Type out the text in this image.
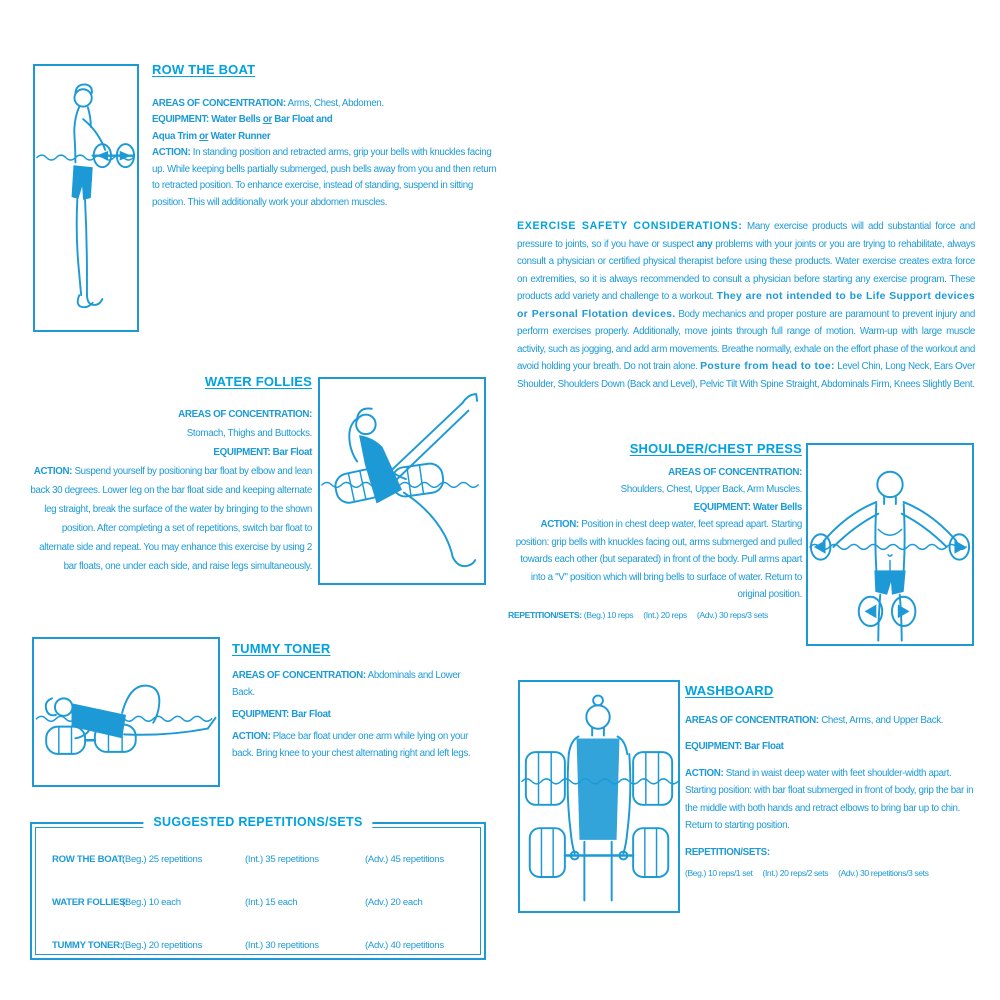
ROW THE BOAT

AREAS OF CONCENTRATION: Arms, Chest, Abdomen.

EQUIPMENT: Water Bells or Bar Float and

Aqua Trim or Water Runner

ACTION: In standing position and retracted arms, grip your bells with knuckles facing up. While keeping bells partially submerged, push bells away from you and then return to retracted position. To enhance exercise, instead of standing, suspend in sitting position. This will additionally work your abdomen muscles.

EXERCISE SAFETY CONSIDERATIONS: Many exercise products will add substantial force and pressure to joints, so if you have or suspect any problems with your joints or you are trying to rehabilitate, always consult a physician or certified physical therapist before using these products. Water exercise creates extra force on extremities, so it is always recommended to consult a physician before starting any exercise program. These products add variety and challenge to a workout. They are not intended to be Life Support devices or Personal Flotation devices. Body mechanics and proper posture are paramount to prevent injury and perform exercises properly. Additionally, move joints through full range of motion. Warm-up with large muscle activity, such as jogging, and add arm movements. Breathe normally, exhale on the effort phase of the workout and avoid holding your breath. Do not train alone. Posture from head to toe: Level Chin, Long Neck, Ears Over Shoulder, Shoulders Down (Back and Level), Pelvic Tilt With Spine Straight, Abdominals Firm, Knees Slightly Bent.
WATER FOLLIES

AREAS OF CONCENTRATION:

Stomach, Thighs and Buttocks.

EQUIPMENT: Bar Float

ACTION: Suspend yourself by positioning bar float by elbow and lean back 30 degrees. Lower leg on the bar float side and keeping alternate leg straight, break the surface of the water by bringing to the shown position. After completing a set of repetitions, switch bar float to alternate side and repeat. You may enhance this exercise by using 2 bar floats, one under each side, and raise legs simultaneously.

SHOULDER/CHEST PRESS

AREAS OF CONCENTRATION:

Shoulders, Chest, Upper Back, Arm Muscles.

EQUIPMENT: Water Bells

ACTION: Position in chest deep water, feet spread apart. Starting position: grip bells with knuckles facing out, arms submerged and pulled towards each other (but separated) in front of the body. Pull arms apart into a "V" position which will bring bells to surface of water. Return to original position.

REPETITION/SETS: (Beg.) 10 reps (Int.) 20 reps (Adv.) 30 reps/3 sets

TUMMY TONER

AREAS OF CONCENTRATION: Abdominals and Lower Back.

EQUIPMENT: Bar Float

ACTION: Place bar float under one arm while lying on your back. Bring knee to your chest alternating right and left legs.

SUGGESTED REPETITIONS/SETS
ROW THE BOAT:
(Beg.) 25 repetitions	(Int.) 35 repetitions	(Adv.) 45 repetitions
WATER FOLLIES:
(Beg.) 10 each	(Int.) 15 each	(Adv.) 20 each
TUMMY TONER: (Beg.) 20 repetitions	(Int.) 30 repetitions	(Adv.) 40 repetitions
WASHBOARD

AREAS OF CONCENTRATION: Chest, Arms, and Upper Back.

EQUIPMENT: Bar Float

ACTION: Stand in waist deep water with feet shoulder-width apart. Starting position: with bar float submerged in front of body, grip the bar in the middle with both hands and retract elbows to bring bar up to chin. Return to starting position.

REPETITION/SETS:

(Beg.) 10 reps/1 set (Int.) 20 reps/2 sets (Adv.) 30 repetitions/3 sets
